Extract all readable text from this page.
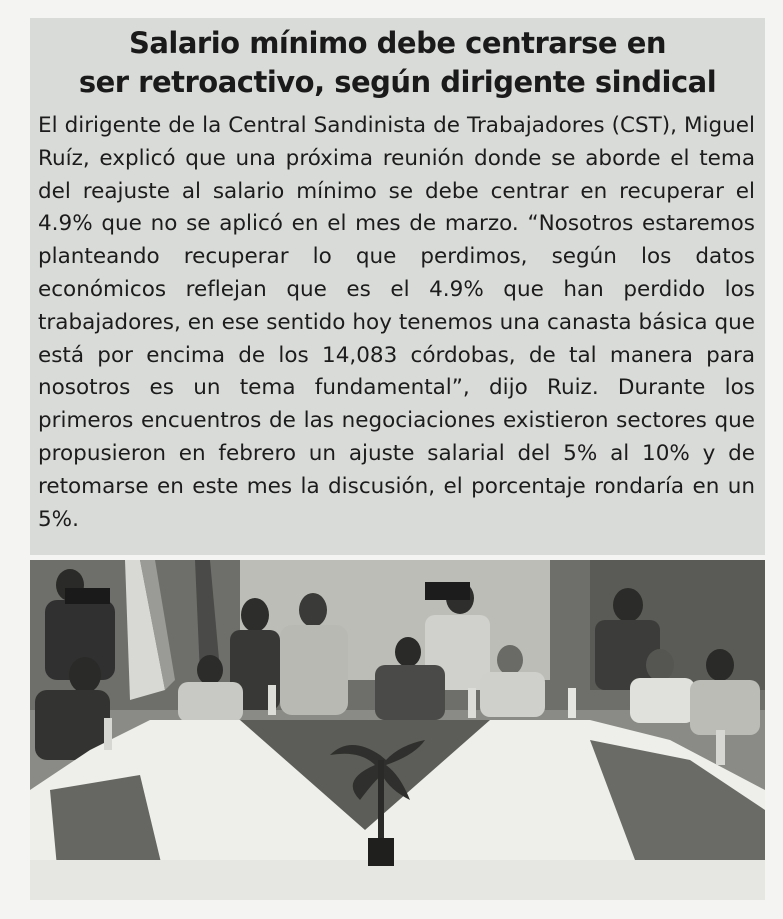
Salario mínimo debe centrarse en
ser retroactivo, según dirigente sindical

El dirigente de la Central Sandinista de Trabajadores (CST), Miguel Ruíz, explicó que una próxima reunión donde se aborde el tema del reajuste al salario mínimo se debe centrar en recuperar el 4.9% que no se aplicó en el mes de marzo. “Nosotros estaremos planteando recuperar lo que perdimos, según los datos económicos reflejan que es el 4.9% que han perdido los trabajadores, en ese sentido hoy tenemos una canasta básica que está por encima de los 14,083 córdobas, de tal manera para nosotros es un tema fundamental”, dijo Ruiz. Durante los primeros encuentros de las negociaciones existieron sectores que propusieron en febrero un ajuste salarial del 5% al 10% y de retomarse en este mes la discusión, el porcentaje rondaría en un 5%.
